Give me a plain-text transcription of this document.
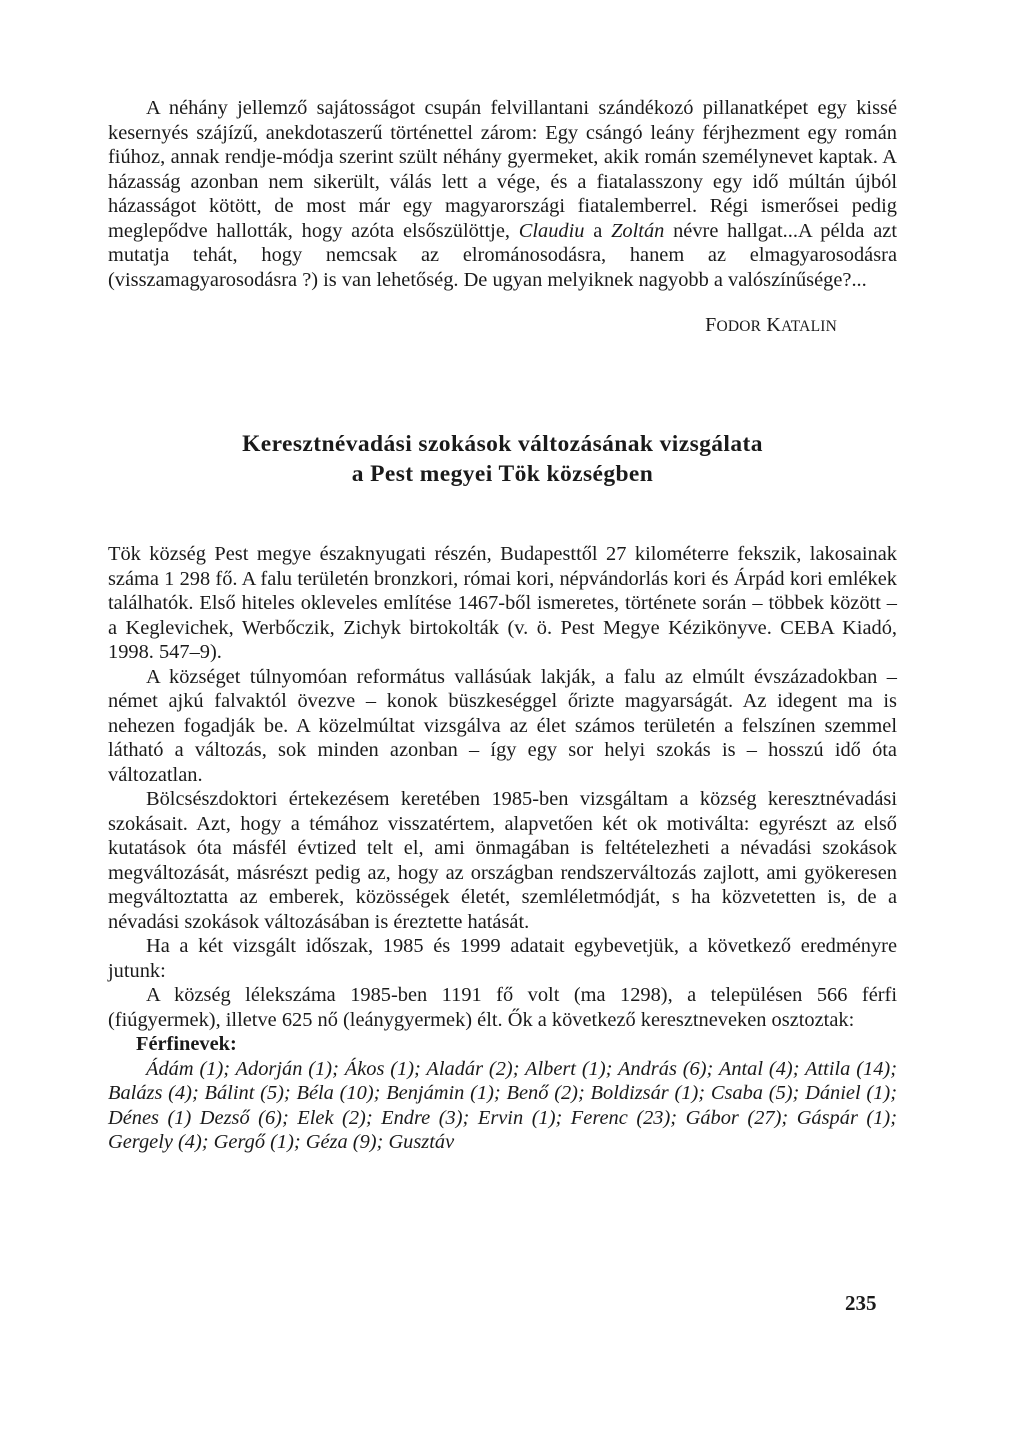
A néhány jellemző sajátosságot csupán felvillantani szándékozó pillanatképet egy kissé kesernyés szájízű, anekdotaszerű történettel zárom: Egy csángó leány férjhezment egy román fiúhoz, annak rendje-módja szerint szült néhány gyermeket, akik román személynevet kaptak. A házasság azonban nem sikerült, válás lett a vége, és a fiatalasszony egy idő múltán újból házasságot kötött, de most már egy magyarországi fiatalemberrel. Régi ismerősei pedig meglepődve hallották, hogy azóta elsőszülöttje, Claudiu a Zoltán névre hallgat...A példa azt mutatja tehát, hogy nemcsak az elrománosodásra, hanem az elmagyarosodásra (visszamagyarosodásra ?) is van lehetőség. De ugyan melyiknek nagyobb a valószínűsége?...

FODOR KATALIN
Keresztnévadási szokások változásának vizsgálata
a Pest megyei Tök községben

Tök község Pest megye északnyugati részén, Budapesttől 27 kilométerre fekszik, lakosainak száma 1 298 fő. A falu területén bronzkori, római kori, népvándorlás kori és Árpád kori emlékek találhatók. Első hiteles okleveles említése 1467-ből ismeretes, története során – többek között – a Keglevichek, Werbőczik, Zichyk birtokolták (v. ö. Pest Megye Kézikönyve. CEBA Kiadó, 1998. 547–9).

A községet túlnyomóan református vallásúak lakják, a falu az elmúlt évszázadokban – német ajkú falvaktól övezve – konok büszkeséggel őrizte magyarságát. Az idegent ma is nehezen fogadják be. A közelmúltat vizsgálva az élet számos területén a felszínen szemmel látható a változás, sok minden azonban – így egy sor helyi szokás is – hosszú idő óta változatlan.

Bölcsészdoktori értekezésem keretében 1985-ben vizsgáltam a község keresztnévadási szokásait. Azt, hogy a témához visszatértem, alapvetően két ok motiválta: egyrészt az első kutatások óta másfél évtized telt el, ami önmagában is feltételezheti a névadási szokások megváltozását, másrészt pedig az, hogy az országban rendszerváltozás zajlott, ami gyökeresen megváltoztatta az emberek, közösségek életét, szemléletmódját, s ha közvetetten is, de a névadási szokások változásában is éreztette hatását.

Ha a két vizsgált időszak, 1985 és 1999 adatait egybevetjük, a következő eredményre jutunk:

A község lélekszáma 1985-ben 1191 fő volt (ma 1298), a településen 566 férfi (fiúgyermek), illetve 625 nő (leánygyermek) élt. Ők a következő keresztneveken osztoztak:

Férfinevek:

Ádám (1); Adorján (1); Ákos (1); Aladár (2); Albert (1); András (6); Antal (4); Attila (14); Balázs (4); Bálint (5); Béla (10); Benjámin (1); Benő (2); Boldizsár (1); Csaba (5); Dániel (1); Dénes (1) Dezső (6); Elek (2); Endre (3); Ervin (1); Ferenc (23); Gábor (27); Gáspár (1); Gergely (4); Gergő (1); Géza (9); Gusztáv

235
